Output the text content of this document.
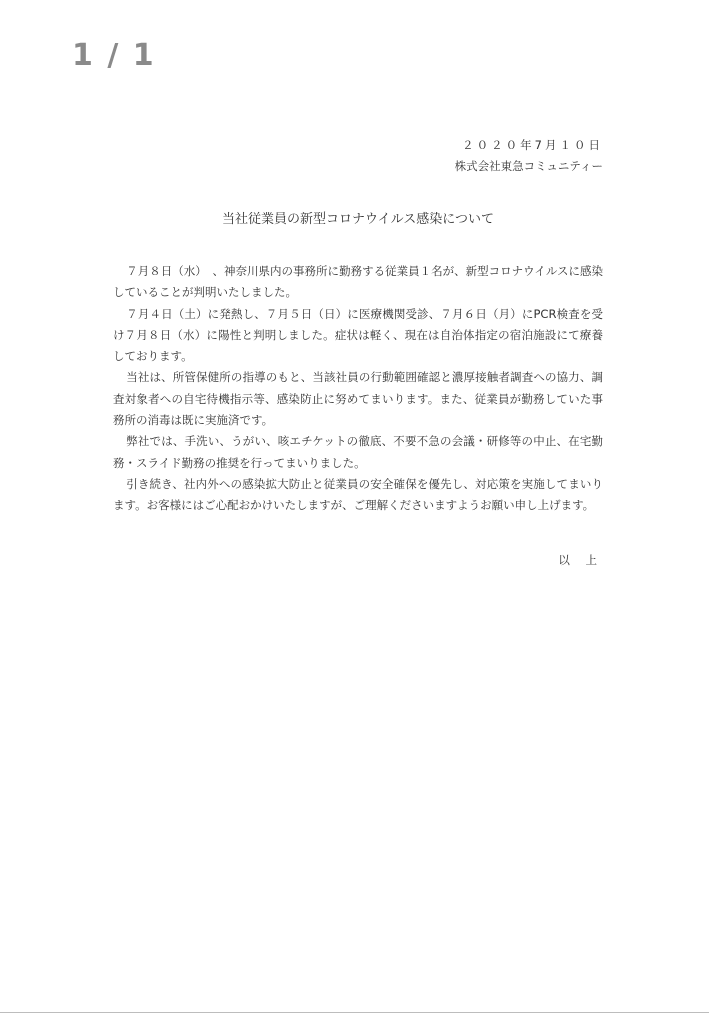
1 / 1
２０２０年7月１０日
株式会社東急コミュニティー
当社従業員の新型コロナウイルス感染について

７月８日（水）　、神奈川県内の事務所に勤務する従業員１名が、新型コロナウイルスに感染していることが判明いたしました。

７月４日（土）に発熱し、７月５日（日）に医療機関受診、７月６日（月）にPCR検査を受け７月８日（水）に陽性と判明しました。症状は軽く、現在は自治体指定の宿泊施設にて療養しております。

当社は、所管保健所の指導のもと、当該社員の行動範囲確認と濃厚接触者調査への協力、調査対象者への自宅待機指示等、感染防止に努めてまいります。また、従業員が勤務していた事務所の消毒は既に実施済です。

弊社では、手洗い、うがい、咳エチケットの徹底、不要不急の会議・研修等の中止、在宅勤務・スライド勤務の推奨を行ってまいりました。

引き続き、社内外への感染拡大防止と従業員の安全確保を優先し、対応策を実施してまいります。お客様にはご心配おかけいたしますが、ご理解くださいますようお願い申し上げます。

以 上
